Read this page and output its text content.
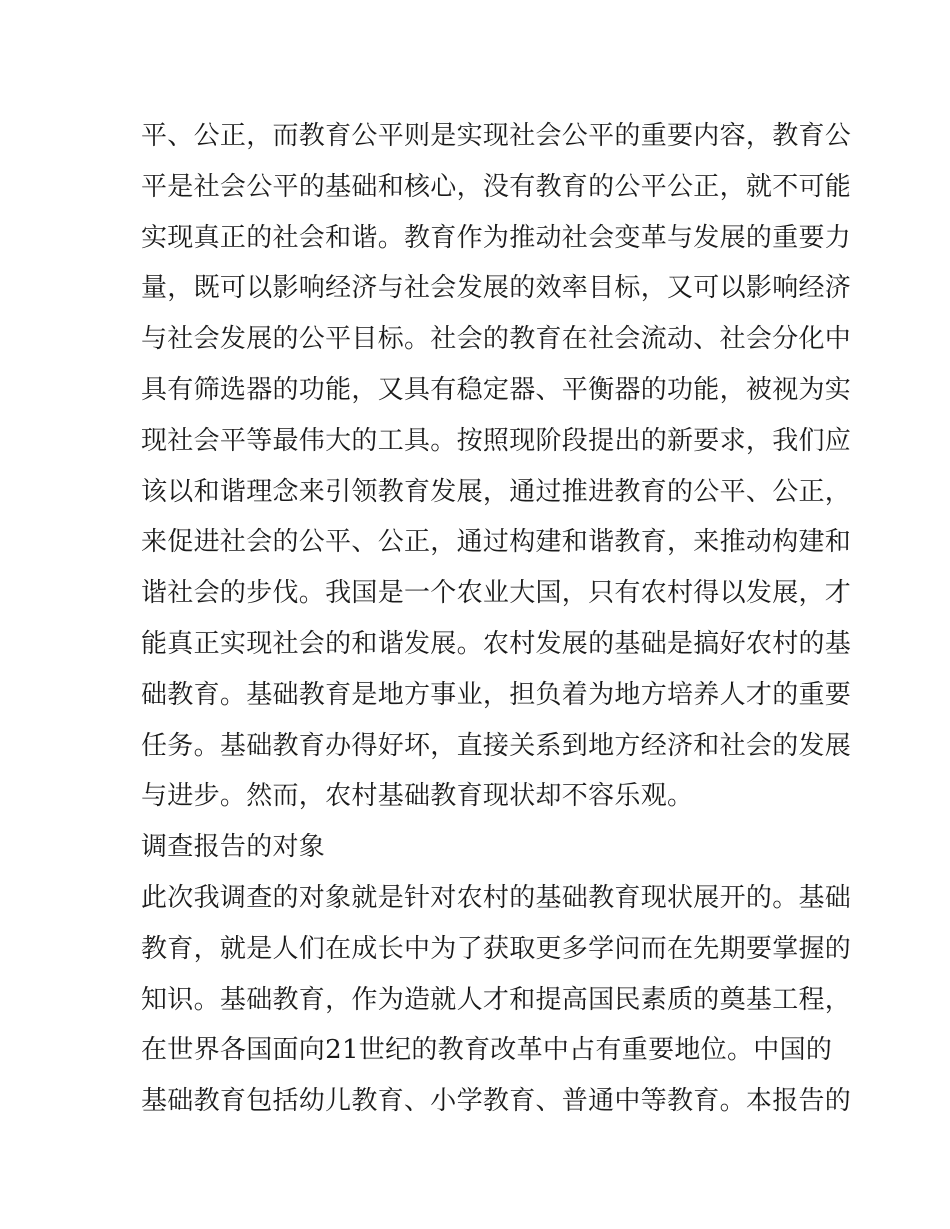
平、公正，而教育公平则是实现社会公平的重要内容，教育公
平是社会公平的基础和核心，没有教育的公平公正，就不可能
实现真正的社会和谐。教育作为推动社会变革与发展的重要力
量，既可以影响经济与社会发展的效率目标，又可以影响经济
与社会发展的公平目标。社会的教育在社会流动、社会分化中
具有筛选器的功能，又具有稳定器、平衡器的功能，被视为实
现社会平等最伟大的工具。按照现阶段提出的新要求，我们应
该以和谐理念来引领教育发展，通过推进教育的公平、公正，
来促进社会的公平、公正，通过构建和谐教育，来推动构建和
谐社会的步伐。我国是一个农业大国，只有农村得以发展，才
能真正实现社会的和谐发展。农村发展的基础是搞好农村的基
础教育。基础教育是地方事业，担负着为地方培养人才的重要
任务。基础教育办得好坏，直接关系到地方经济和社会的发展
与进步。然而，农村基础教育现状却不容乐观。
调查报告的对象
此次我调查的对象就是针对农村的基础教育现状展开的。基础
教育，就是人们在成长中为了获取更多学问而在先期要掌握的
知识。基础教育，作为造就人才和提高国民素质的奠基工程，
在世界各国面向21世纪的教育改革中占有重要地位。中国的
基础教育包括幼儿教育、小学教育、普通中等教育。本报告的
